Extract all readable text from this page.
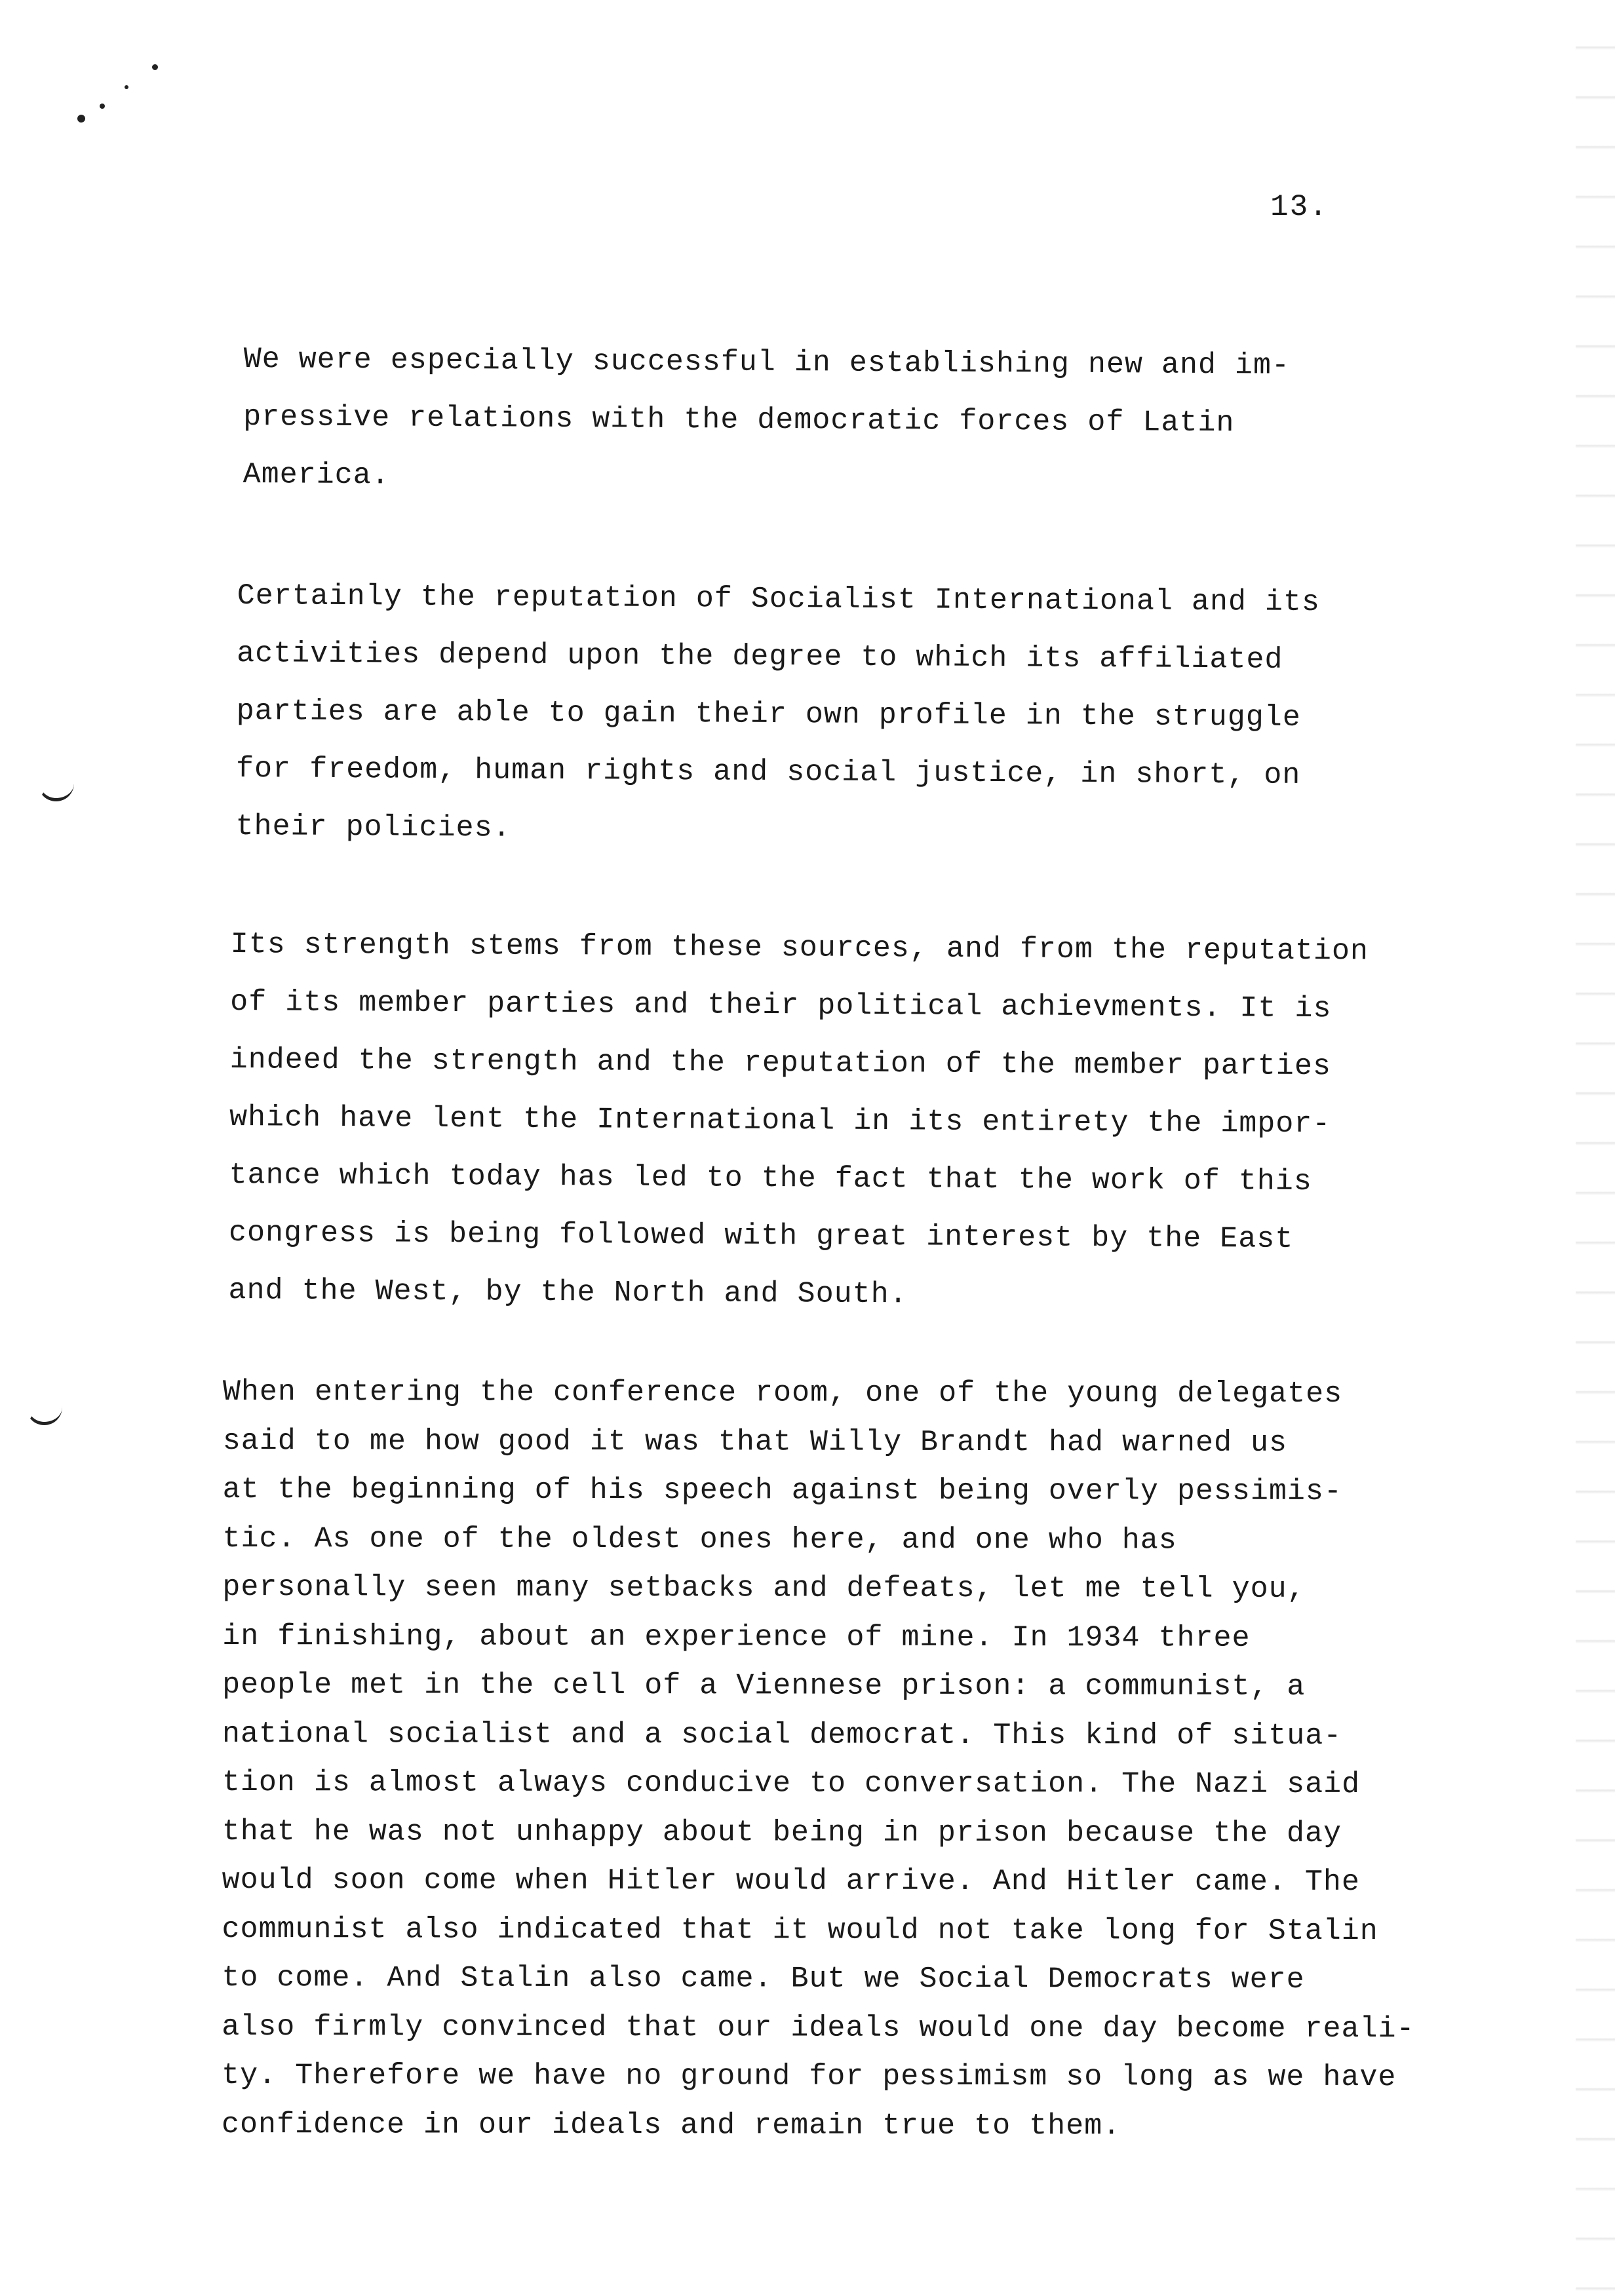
13.
We were especially successful in establishing new and im-
pressive relations with the democratic forces of Latin
America.
Certainly the reputation of Socialist International and its
activities depend upon the degree to which its affiliated
parties are able to gain their own profile in the struggle
for freedom, human rights and social justice, in short, on
their policies.
Its strength stems from these sources, and from the reputation
of its member parties and their political achievments. It is
indeed the strength and the reputation of the member parties
which have lent the International in its entirety the impor-
tance which today has led to the fact that the work of this
congress is being followed with great interest by the East
and the West, by the North and South.
When entering the conference room, one of the young delegates
said to me how good it was that Willy Brandt had warned us
at the beginning of his speech against being overly pessimis-
tic. As one of the oldest ones here, and one who has
personally seen many setbacks and defeats, let me tell you,
in finishing, about an experience of mine. In 1934 three
people met in the cell of a Viennese prison: a communist, a
national socialist and a social democrat. This kind of situa-
tion is almost always conducive to conversation. The Nazi said
that he was not unhappy about being in prison because the day
would soon come when Hitler would arrive. And Hitler came. The
communist also indicated that it would not take long for Stalin
to come. And Stalin also came. But we Social Democrats were
also firmly convinced that our ideals would one day become reali-
ty. Therefore we have no ground for pessimism so long as we have
confidence in our ideals and remain true to them.
